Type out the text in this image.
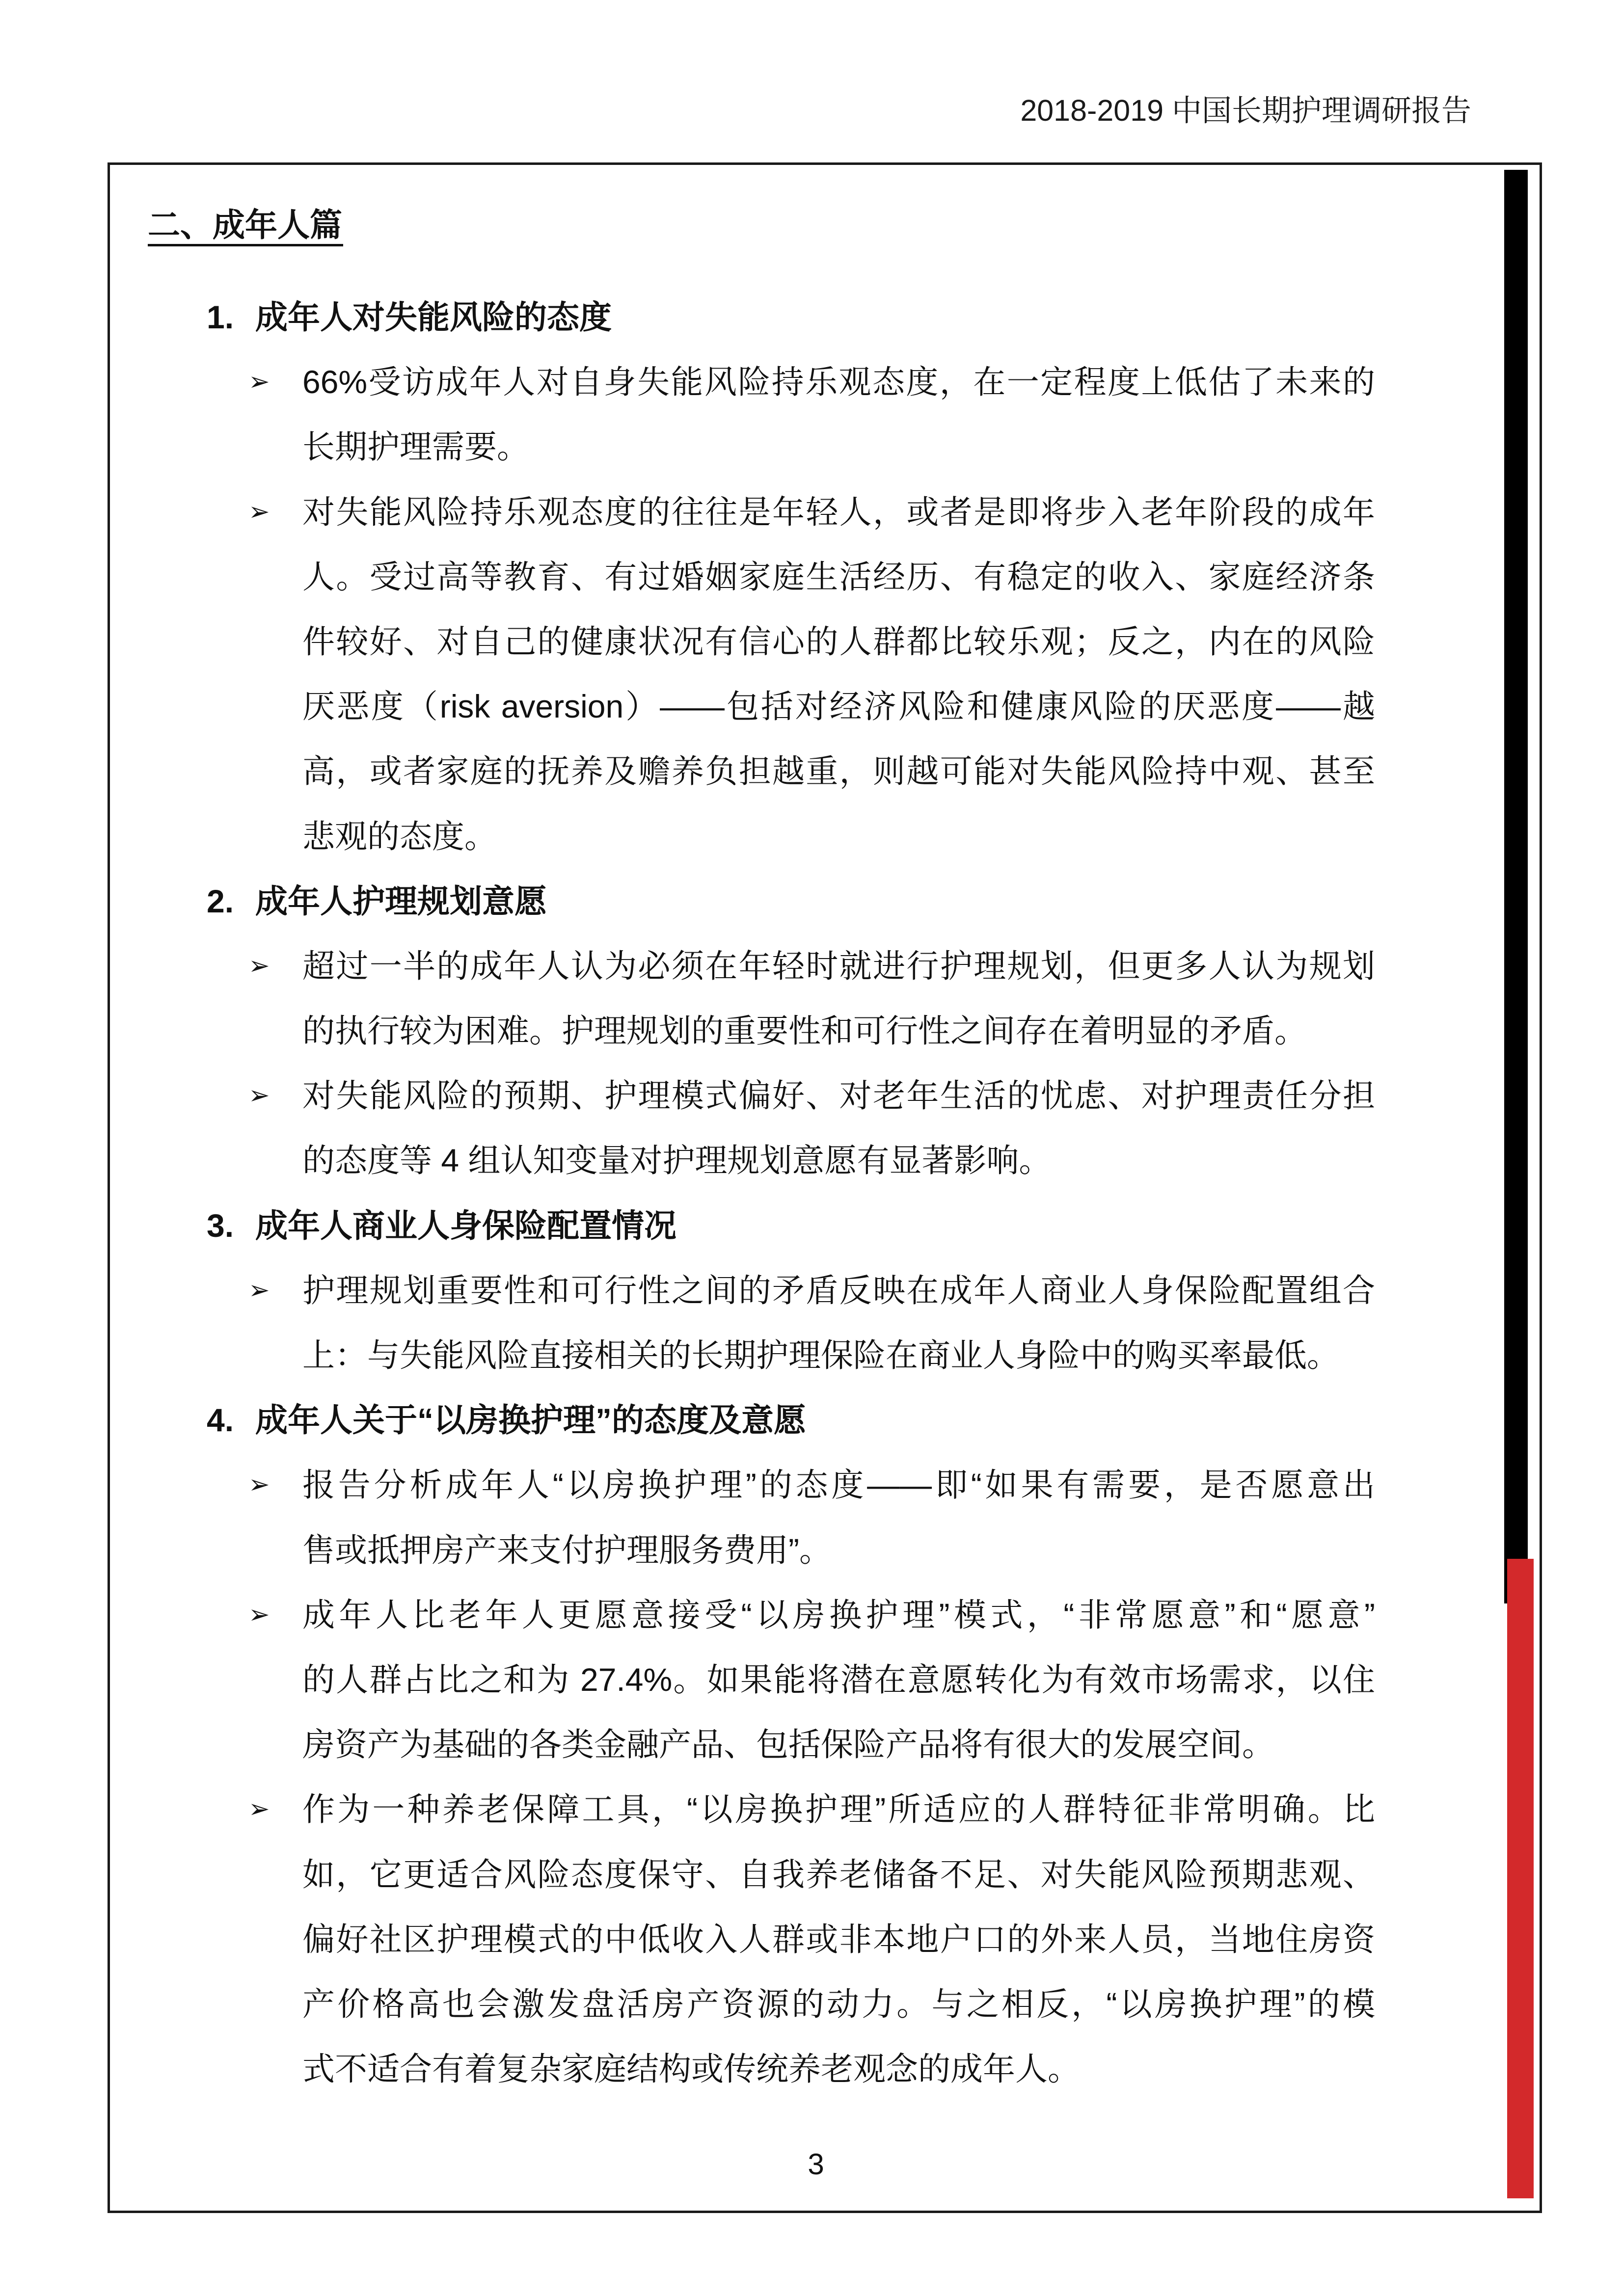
2018-2019 中国长期护理调研报告
二、成年人篇
1. 成年人对失能风险的态度
➢ 66%受访成年人对自身失能风险持乐观态度，在一定程度上低估了未来的
长期护理需要。
➢ 对失能风险持乐观态度的往往是年轻人，或者是即将步入老年阶段的成年
人。受过高等教育、有过婚姻家庭生活经历、有稳定的收入、家庭经济条
件较好、对自己的健康状况有信心的人群都比较乐观；反之，内在的风险
厌恶度（risk aversion）——包括对经济风险和健康风险的厌恶度——越
高，或者家庭的抚养及赡养负担越重，则越可能对失能风险持中观、甚至
悲观的态度。
2. 成年人护理规划意愿
➢ 超过一半的成年人认为必须在年轻时就进行护理规划，但更多人认为规划
的执行较为困难。护理规划的重要性和可行性之间存在着明显的矛盾。
➢ 对失能风险的预期、护理模式偏好、对老年生活的忧虑、对护理责任分担
的态度等 4 组认知变量对护理规划意愿有显著影响。
3. 成年人商业人身保险配置情况
➢ 护理规划重要性和可行性之间的矛盾反映在成年人商业人身保险配置组合
上：与失能风险直接相关的长期护理保险在商业人身险中的购买率最低。
4. 成年人关于“以房换护理”的态度及意愿
➢ 报告分析成年人“以房换护理”的态度——即“如果有需要，是否愿意出
售或抵押房产来支付护理服务费用”。
➢ 成年人比老年人更愿意接受“以房换护理”模式，“非常愿意”和“愿意”
的人群占比之和为 27.4%。如果能将潜在意愿转化为有效市场需求，以住
房资产为基础的各类金融产品、包括保险产品将有很大的发展空间。
➢ 作为一种养老保障工具，“以房换护理”所适应的人群特征非常明确。比
如，它更适合风险态度保守、自我养老储备不足、对失能风险预期悲观、
偏好社区护理模式的中低收入人群或非本地户口的外来人员，当地住房资
产价格高也会激发盘活房产资源的动力。与之相反，“以房换护理”的模
式不适合有着复杂家庭结构或传统养老观念的成年人。
3
